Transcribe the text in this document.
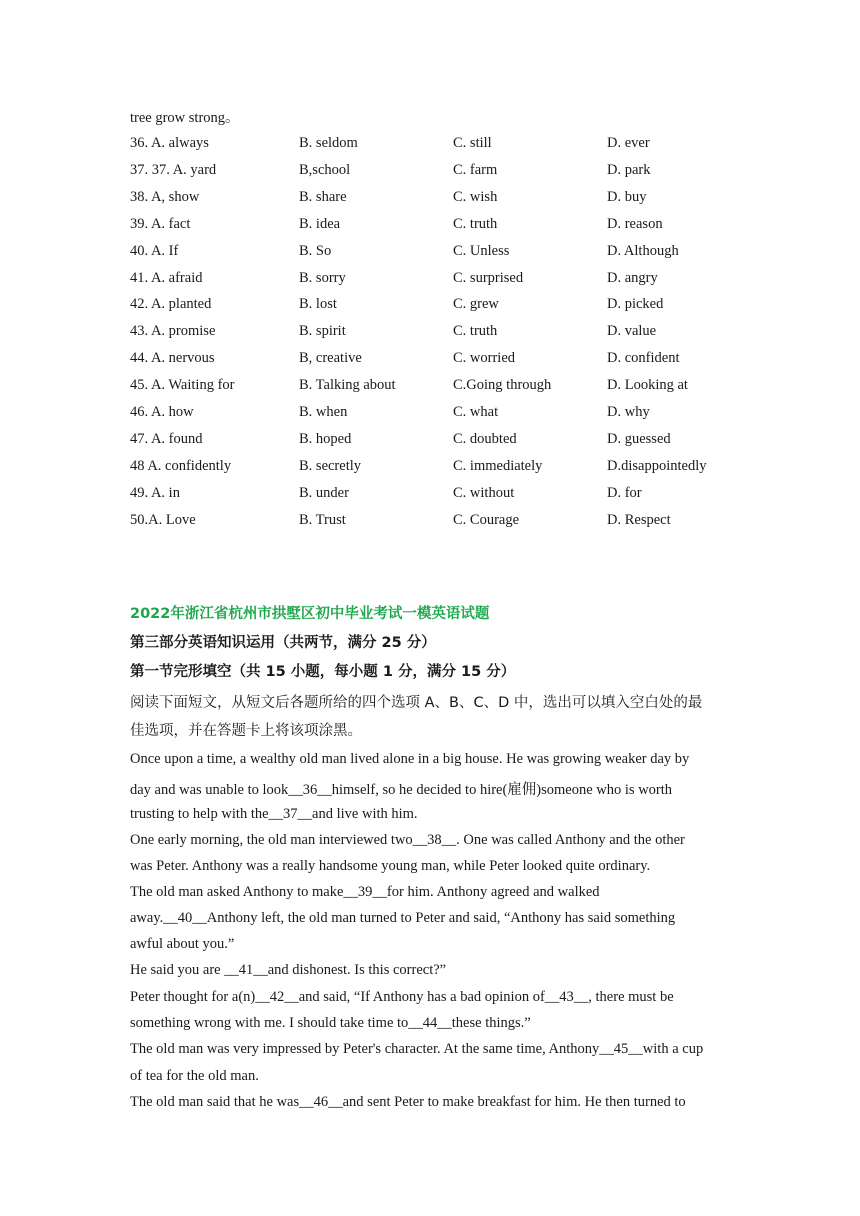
tree grow strong。
36. A. always	B. seldom	C. still	D. ever
37. 37. A. yard	B,school	C. farm	D. park
38. A, show	B. share	C. wish	D. buy
39. A. fact	B. idea	C. truth	D. reason
40. A. If	B. So	C. Unless	D. Although
41. A. afraid	B. sorry	C. surprised	D. angry
42. A. planted	B. lost	C. grew	D. picked
43. A. promise	B. spirit	C. truth	D. value
44. A. nervous	B, creative	C. worried	D. confident
45. A. Waiting for	B. Talking about	C.Going through	D. Looking at
46. A. how	B. when	C. what	D. why
47. A. found	B. hoped	C. doubted	D. guessed
48 A. confidently	B. secretly	C. immediately	D.disappointedly
49. A. in	B. under	C. without	D. for
50.A. Love	B. Trust	C. Courage	D. Respect
2022年浙江省杭州市拱墅区初中毕业考试一模英语试题
第三部分英语知识运用（共两节，满分 25 分）
第一节完形填空（共 15 小题，每小题 1 分，满分 15 分）
阅读下面短文，从短文后各题所给的四个选项 A、B、C、D 中，选出可以填入空白处的最
佳选项，并在答题卡上将该项涂黑。
Once upon a time, a wealthy old man lived alone in a big house. He was growing weaker day by
day and was unable to look__36__himself, so he decided to hire(雇佣)someone who is worth
trusting to help with the__37__and live with him.
One early morning, the old man interviewed two__38__. One was called Anthony and the other
was Peter. Anthony was a really handsome young man, while Peter looked quite ordinary.
The old man asked Anthony to make__39__for him. Anthony agreed and walked
away.__40__Anthony left, the old man turned to Peter and said, “Anthony has said something
awful about you.”
He said you are __41__and dishonest. Is this correct?”
Peter thought for a(n)__42__and said, “If Anthony has a bad opinion of__43__, there must be
something wrong with me. I should take time to__44__these things.”
The old man was very impressed by Peter's character. At the same time, Anthony__45__with a cup
of tea for the old man.
The old man said that he was__46__and sent Peter to make breakfast for him. He then turned to
